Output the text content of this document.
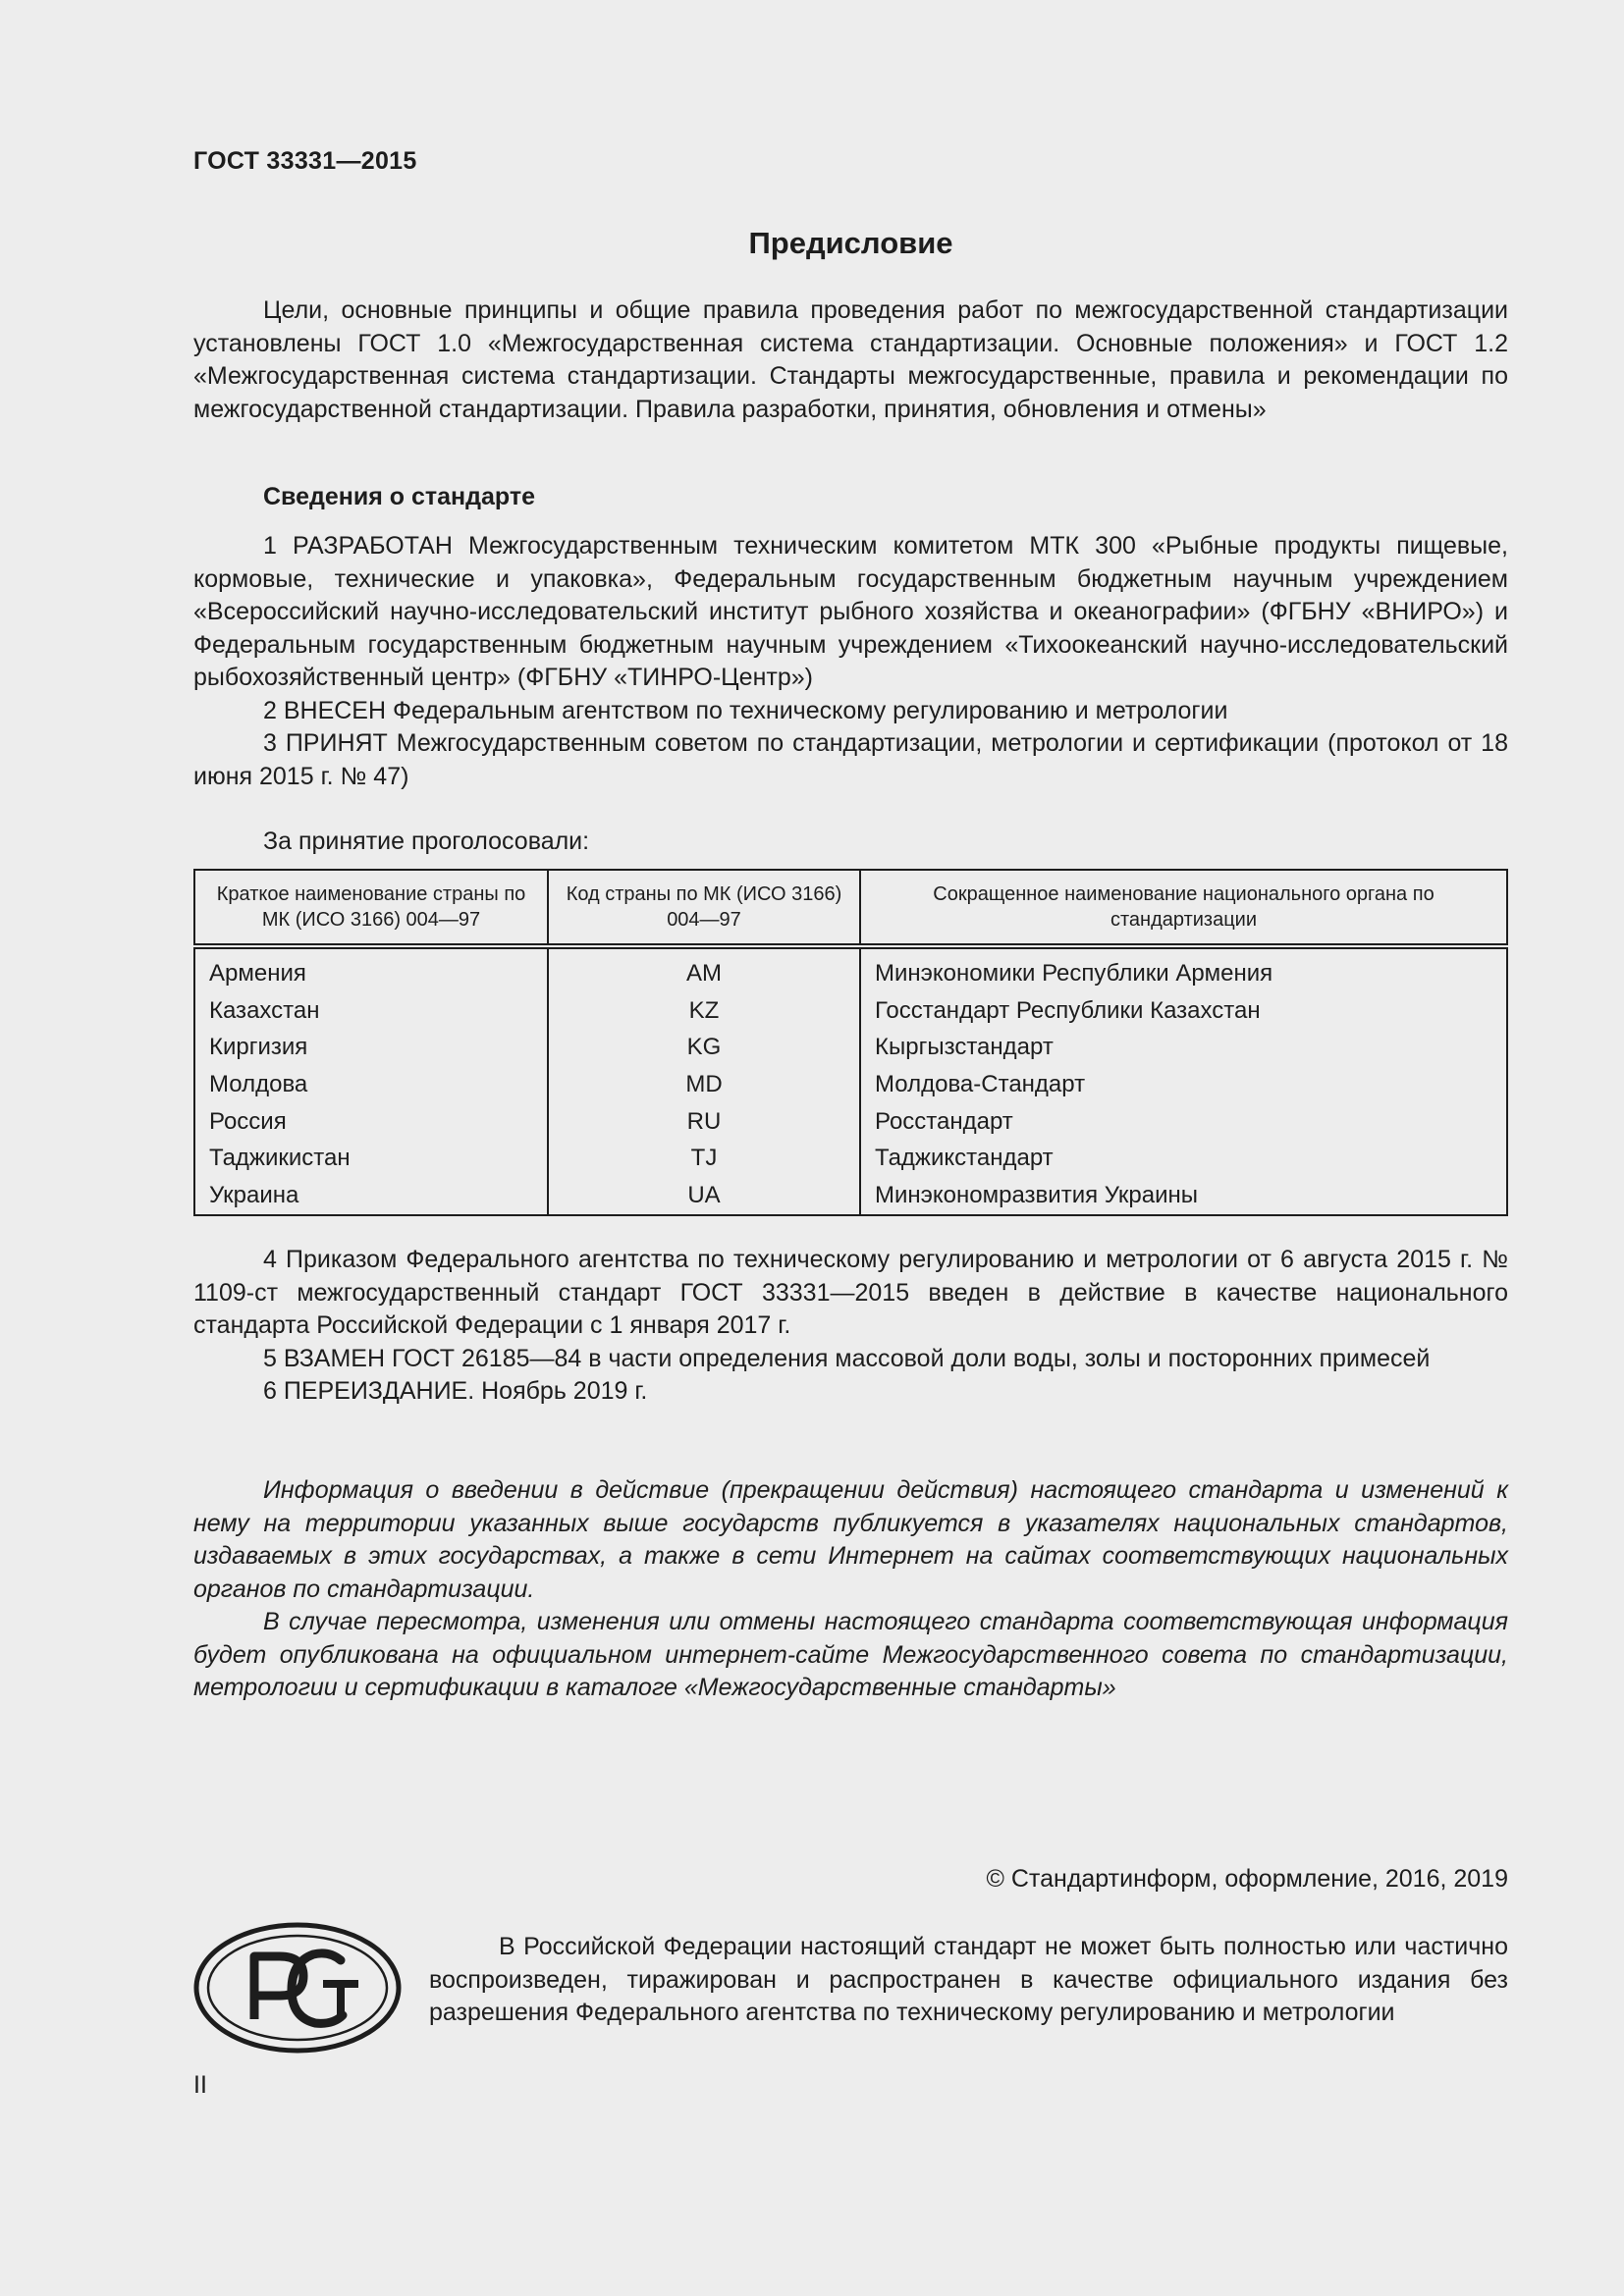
ГОСТ 33331—2015
Предисловие

Цели, основные принципы и общие правила проведения работ по межгосударственной стандартизации установлены ГОСТ 1.0 «Межгосударственная система стандартизации. Основные положения» и ГОСТ 1.2 «Межгосударственная система стандартизации. Стандарты межгосударственные, правила и рекомендации по межгосударственной стандартизации. Правила разработки, принятия, обновления и отмены»

Сведения о стандарте

1 РАЗРАБОТАН Межгосударственным техническим комитетом МТК 300 «Рыбные продукты пищевые, кормовые, технические и упаковка», Федеральным государственным бюджетным научным учреждением «Всероссийский научно-исследовательский институт рыбного хозяйства и океанографии» (ФГБНУ «ВНИРО») и Федеральным государственным бюджетным научным учреждением «Тихоокеанский научно-исследовательский рыбохозяйственный центр» (ФГБНУ «ТИНРО-Центр»)

2 ВНЕСЕН Федеральным агентством по техническому регулированию и метрологии

3 ПРИНЯТ Межгосударственным советом по стандартизации, метрологии и сертификации (протокол от 18 июня 2015 г. № 47)

За принятие проголосовали:

Краткое наименование страны по МК (ИСО 3166) 004—97	Код страны по МК (ИСО 3166) 004—97	Сокращенное наименование национального органа по стандартизации
Армения	AM	Минэкономики Республики Армения
Казахстан	KZ	Госстандарт Республики Казахстан
Киргизия	KG	Кыргызстандарт
Молдова	MD	Молдова-Стандарт
Россия	RU	Росстандарт
Таджикистан	TJ	Таджикстандарт
Украина	UA	Минэкономразвития Украины

4 Приказом Федерального агентства по техническому регулированию и метрологии от 6 августа 2015 г. № 1109-ст межгосударственный стандарт ГОСТ 33331—2015 введен в действие в качестве национального стандарта Российской Федерации с 1 января 2017 г.

5 ВЗАМЕН ГОСТ 26185—84 в части определения массовой доли воды, золы и посторонних примесей

6 ПЕРЕИЗДАНИЕ. Ноябрь 2019 г.

Информация о введении в действие (прекращении действия) настоящего стандарта и изменений к нему на территории указанных выше государств публикуется в указателях национальных стандартов, издаваемых в этих государствах, а также в сети Интернет на сайтах соответствующих национальных органов по стандартизации.

В случае пересмотра, изменения или отмены настоящего стандарта соответствующая информация будет опубликована на официальном интернет-сайте Межгосударственного совета по стандартизации, метрологии и сертификации в каталоге «Межгосударственные стандарты»

© Стандартинформ, оформление, 2016, 2019

В Российской Федерации настоящий стандарт не может быть полностью или частично воспроизведен, тиражирован и распространен в качестве официального издания без разрешения Федерального агентства по техническому регулированию и метрологии

II
